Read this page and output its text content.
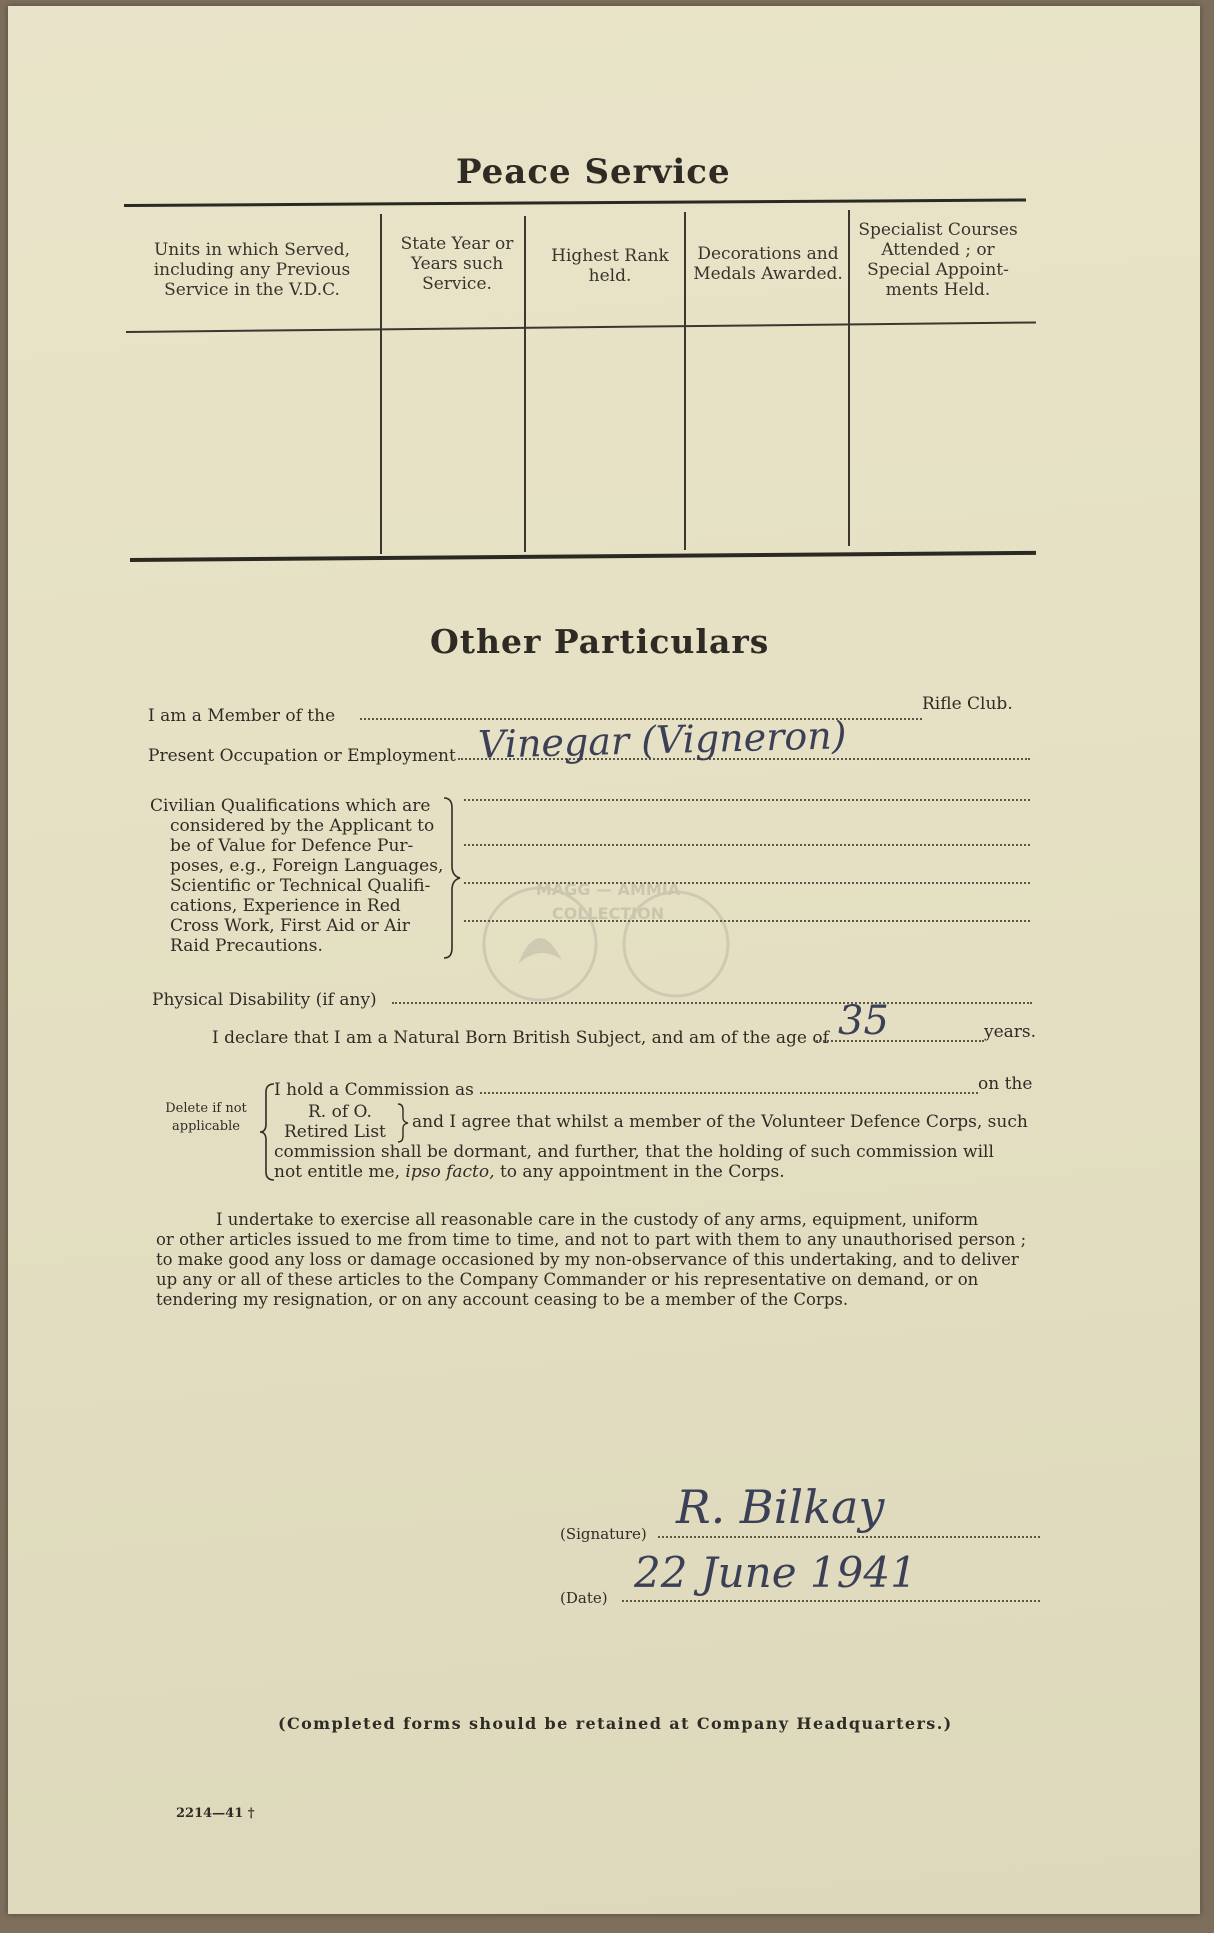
Peace Service
Units in which Served, including any Previous Service in the V.D.C.
State Year or Years such Service.
Highest Rank held.
Decorations and Medals Awarded.
Specialist Courses Attended ; or Special Appoint-ments Held.
Other Particulars
I am a Member of the
Rifle Club.
Present Occupation or Employment Vinegar (Vigneron)
Civilian Qualifications which are
considered by the Applicant to
be of Value for Defence Pur-
poses, e.g., Foreign Languages,
Scientific or Technical Qualifi-
cations, Experience in Red
Cross Work, First Aid or Air
Raid Precautions.
MAGG — AMMIA
COLLECTION
Physical Disability (if any)
I declare that I am a Natural Born British Subject, and am of the age of 35	years.
Delete if not
applicable
I hold a Commission as	on the
R. of O.
Retired List and I agree that whilst a member of the Volunteer Defence Corps, such
commission shall be dormant, and further, that the holding of such commission will
not entitle me, ipso facto, to any appointment in the Corps.
I undertake to exercise all reasonable care in the custody of any arms, equipment, uniform
or other articles issued to me from time to time, and not to part with them to any unauthorised person ;
to make good any loss or damage occasioned by my non-observance of this undertaking, and to deliver
up any or all of these articles to the Company Commander or his representative on demand, or on
tendering my resignation, or on any account ceasing to be a member of the Corps.
(Signature) R. Bilkay
(Date)
22 June 1941
(Completed forms should be retained at Company Headquarters.)
2214—41 †
